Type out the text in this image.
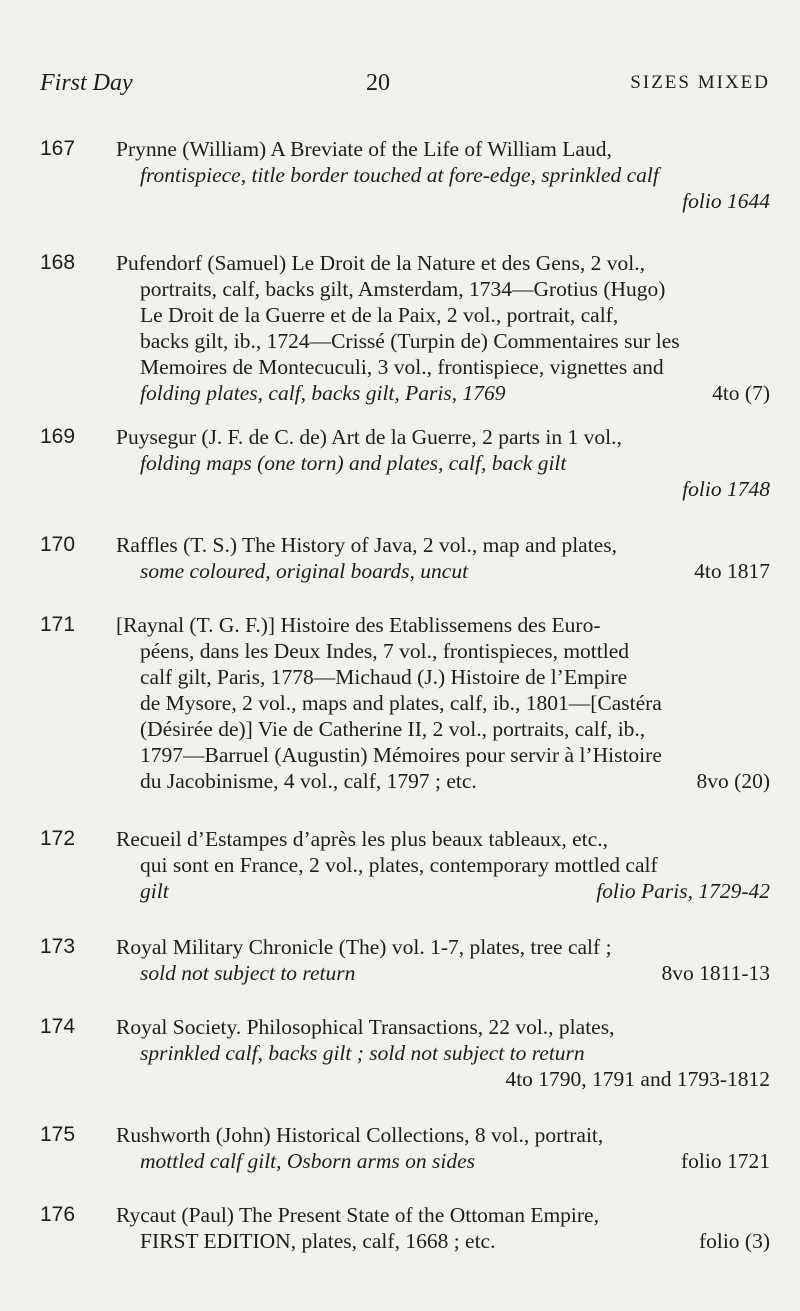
First Day	20	SIZES MIXED
167 Prynne (William) A Breviate of the Life of William Laud,
frontispiece, title border touched at fore-edge, sprinkled calf
folio 1644
168 Pufendorf (Samuel) Le Droit de la Nature et des Gens, 2 vol.,
portraits, calf, backs gilt, Amsterdam, 1734—Grotius (Hugo)
Le Droit de la Guerre et de la Paix, 2 vol., portrait, calf,
backs gilt, ib., 1724—Crissé (Turpin de) Commentaires sur les
Memoires de Montecuculi, 3 vol., frontispiece, vignettes and
folding plates, calf, backs gilt, Paris, 1769	4to (7)
169 Puysegur (J. F. de C. de) Art de la Guerre, 2 parts in 1 vol.,
folding maps (one torn) and plates, calf, back gilt
folio 1748
170 Raffles (T. S.) The History of Java, 2 vol., map and plates,
some coloured, original boards, uncut	4to 1817
171 [Raynal (T. G. F.)] Histoire des Etablissemens des Euro-
péens, dans les Deux Indes, 7 vol., frontispieces, mottled
calf gilt, Paris, 1778—Michaud (J.) Histoire de l’Empire
de Mysore, 2 vol., maps and plates, calf, ib., 1801—[Castéra
(Désirée de)] Vie de Catherine II, 2 vol., portraits, calf, ib.,
1797—Barruel (Augustin) Mémoires pour servir à l’Histoire
du Jacobinisme, 4 vol., calf, 1797 ; etc.	8vo (20)
172 Recueil d’Estampes d’après les plus beaux tableaux, etc.,
qui sont en France, 2 vol., plates, contemporary mottled calf
gilt	folio Paris, 1729-42
173 Royal Military Chronicle (The) vol. 1-7, plates, tree calf ;
sold not subject to return	8vo 1811-13
174 Royal Society. Philosophical Transactions, 22 vol., plates,
sprinkled calf, backs gilt ; sold not subject to return
4to 1790, 1791 and 1793-1812
175 Rushworth (John) Historical Collections, 8 vol., portrait,
mottled calf gilt, Osborn arms on sides	folio 1721
176 Rycaut (Paul) The Present State of the Ottoman Empire,
FIRST EDITION, plates, calf, 1668 ; etc.	folio (3)
